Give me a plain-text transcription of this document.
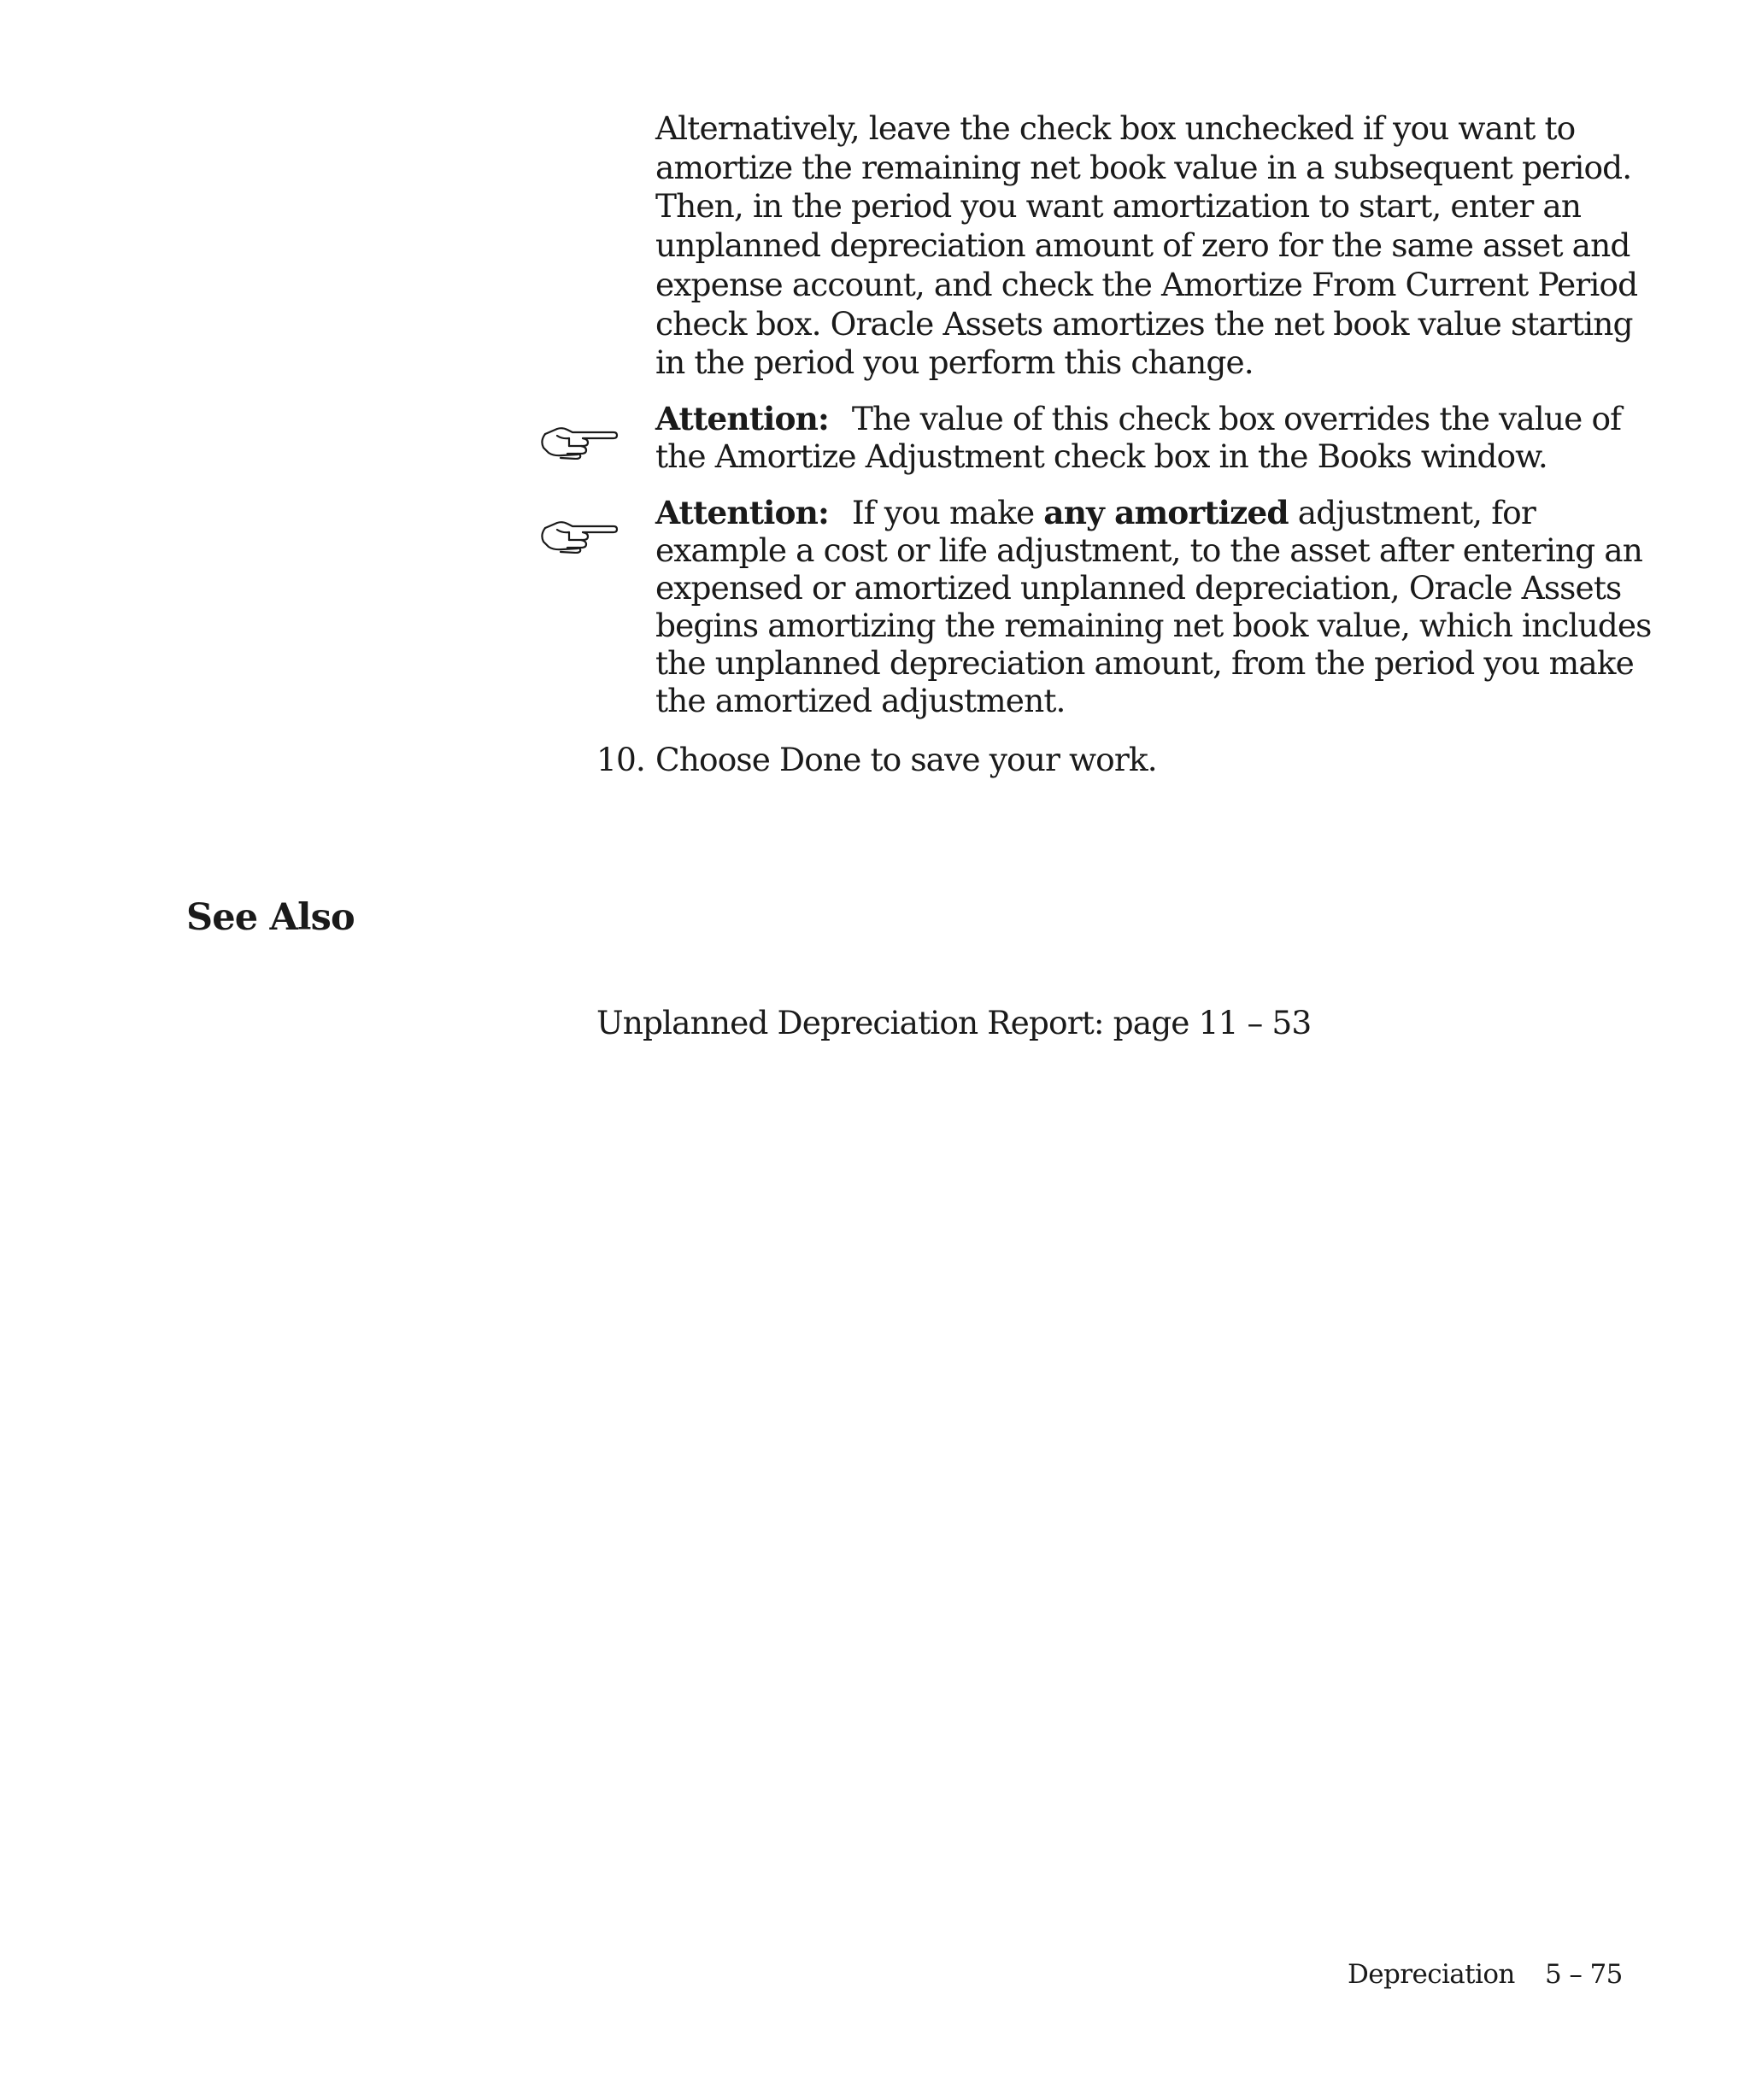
Alternatively, leave the check box unchecked if you want to amortize the remaining net book value in a subsequent period. Then, in the period you want amortization to start, enter an unplanned depreciation amount of zero for the same asset and expense account, and check the Amortize From Current Period check box. Oracle Assets amortizes the net book value starting in the period you perform this change.

Attention: The value of this check box overrides the value of the Amortize Adjustment check box in the Books window.

Attention: If you make any amortized adjustment, for example a cost or life adjustment, to the asset after entering an expensed or amortized unplanned depreciation, Oracle Assets begins amortizing the remaining net book value, which includes the unplanned depreciation amount, from the period you make the amortized adjustment.

10. Choose Done to save your work.

See Also
Unplanned Depreciation Report: page 11 – 53
Depreciation 5 – 75
